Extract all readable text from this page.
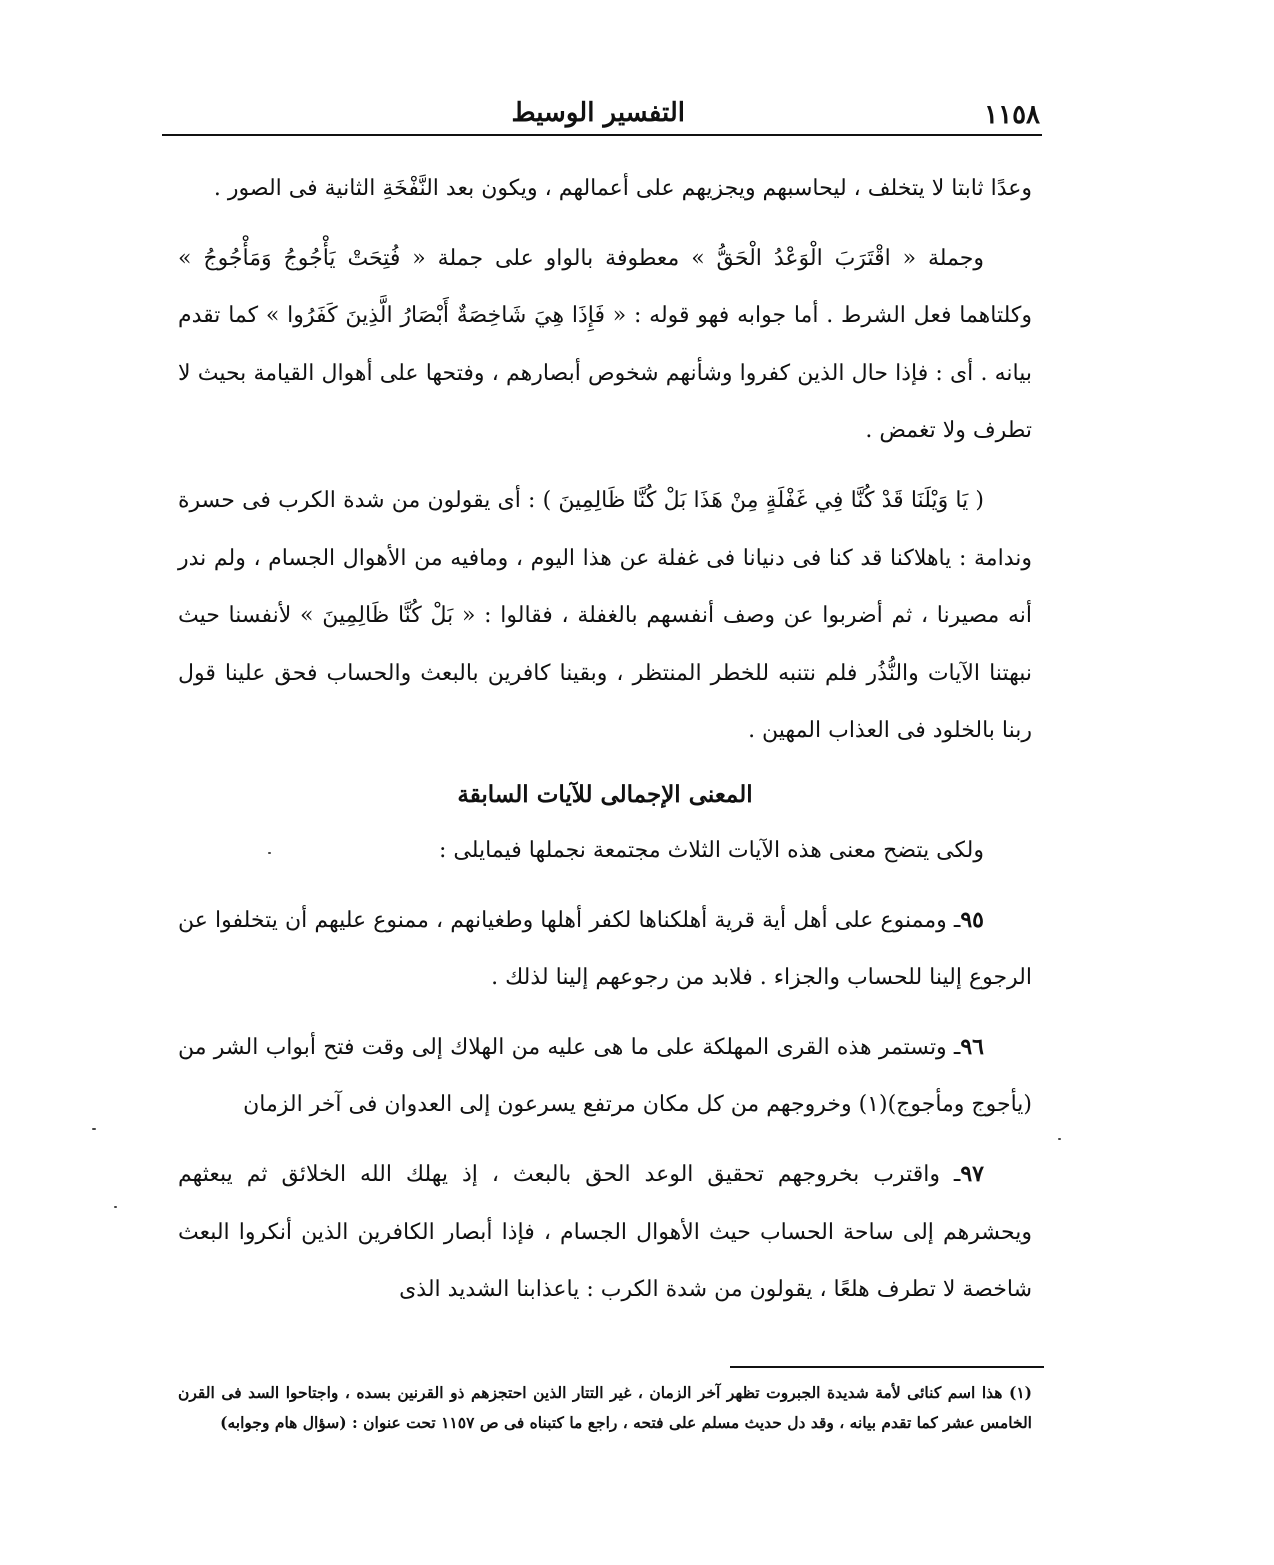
١١٥٨
التفسير الوسيط

وعدًا ثابتا لا يتخلف ، ليحاسبهم ويجزيهم على أعمالهم ، ويكون بعد النَّفْخَةِ الثانية فى الصور .

وجملة « اقْتَرَبَ الْوَعْدُ الْحَقُّ » معطوفة بالواو على جملة « فُتِحَتْ يَأْجُوجُ وَمَأْجُوجُ » وكلتاهما فعل الشرط . أما جوابه فهو قوله : « فَإِذَا هِيَ شَاخِصَةٌ أَبْصَارُ الَّذِينَ كَفَرُوا » كما تقدم بيانه . أى : فإذا حال الذين كفروا وشأنهم شخوص أبصارهم ، وفتحها على أهوال القيامة بحيث لا تطرف ولا تغمض .

( يَا وَيْلَنَا قَدْ كُنَّا فِي غَفْلَةٍ مِنْ هَذَا بَلْ كُنَّا ظَالِمِينَ ) : أى يقولون من شدة الكرب فى حسرة وندامة : ياهلاكنا قد كنا فى دنيانا فى غفلة عن هذا اليوم ، ومافيه من الأهوال الجسام ، ولم ندر أنه مصيرنا ، ثم أضربوا عن وصف أنفسهم بالغفلة ، فقالوا : « بَلْ كُنَّا ظَالِمِينَ » لأنفسنا حيث نبهتنا الآيات والنُّذُر فلم نتنبه للخطر المنتظر ، وبقينا كافرين بالبعث والحساب فحق علينا قول ربنا بالخلود فى العذاب المهين .

المعنى الإجمالى للآيات السابقة

ولكى يتضح معنى هذه الآيات الثلاث مجتمعة نجملها فيمايلى :

٩٥ـ وممنوع على أهل أية قرية أهلكناها لكفر أهلها وطغيانهم ، ممنوع عليهم أن يتخلفوا عن الرجوع إلينا للحساب والجزاء . فلابد من رجوعهم إلينا لذلك .

٩٦ـ وتستمر هذه القرى المهلكة على ما هى عليه من الهلاك إلى وقت فتح أبواب الشر من (يأجوج ومأجوج)(١) وخروجهم من كل مكان مرتفع يسرعون إلى العدوان فى آخر الزمان

٩٧ـ واقترب بخروجهم تحقيق الوعد الحق بالبعث ، إذ يهلك الله الخلائق ثم يبعثهم ويحشرهم إلى ساحة الحساب حيث الأهوال الجسام ، فإذا أبصار الكافرين الذين أنكروا البعث شاخصة لا تطرف هلعًا ، يقولون من شدة الكرب : ياعذابنا الشديد الذى

(١) هذا اسم كنائى لأمة شديدة الجبروت تظهر آخر الزمان ، غير التتار الذين احتجزهم ذو القرنين بسده ، واجتاحوا السد فى القرن الخامس عشر كما تقدم بيانه ، وقد دل حديث مسلم على فتحه ، راجع ما كتبناه فى ص ١١٥٧ تحت عنوان : (سؤال هام وجوابه)
